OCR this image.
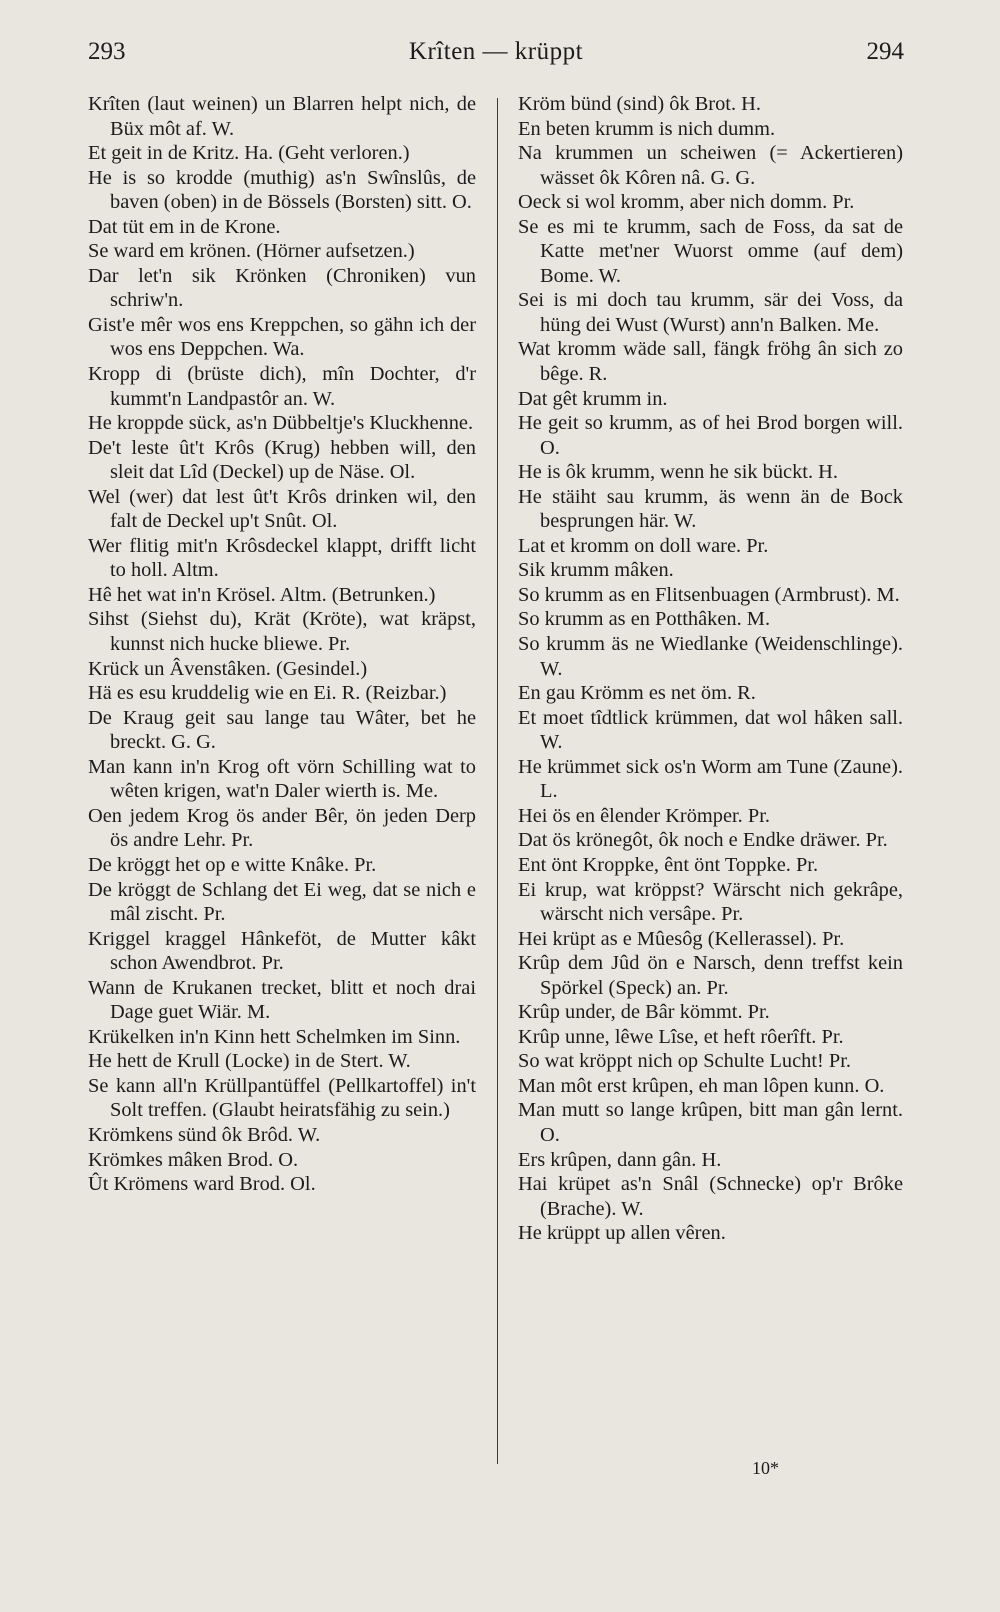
293	Krîten — krüppt	294
Krîten (laut weinen) un Blarren helpt nich, de Büx môt af. W.
Et geit in de Kritz. Ha. (Geht verloren.)
He is so krodde (muthig) as'n Swînslûs, de baven (oben) in de Bössels (Borsten) sitt. O.
Dat tüt em in de Krone.
Se ward em krönen. (Hörner aufsetzen.)
Dar let'n sik Krönken (Chroniken) vun schriw'n.
Gist'e mêr wos ens Kreppchen, so gähn ich der wos ens Deppchen. Wa.
Kropp di (brüste dich), mîn Dochter, d'r kummt'n Landpastôr an. W.
He kroppde sück, as'n Dübbeltje's Kluckhenne.
De't leste ût't Krôs (Krug) hebben will, den sleit dat Lîd (Deckel) up de Näse. Ol.
Wel (wer) dat lest ût't Krôs drinken wil, den falt de Deckel up't Snût. Ol.
Wer flitig mit'n Krôsdeckel klappt, drifft licht to holl. Altm.
Hê het wat in'n Krösel. Altm. (Betrunken.)
Sihst (Siehst du), Krät (Kröte), wat kräpst, kunnst nich hucke bliewe. Pr.
Krück un Âvenstâken. (Gesindel.)
Hä es esu kruddelig wie en Ei. R. (Reizbar.)
De Kraug geit sau lange tau Wâter, bet he breckt. G. G.
Man kann in'n Krog oft vörn Schilling wat to wêten krigen, wat'n Daler wierth is. Me.
Oen jedem Krog ös ander Bêr, ön jeden Derp ös andre Lehr. Pr.
De kröggt het op e witte Knâke. Pr.
De kröggt de Schlang det Ei weg, dat se nich e mâl zischt. Pr.
Kriggel kraggel Hânkeföt, de Mutter kâkt schon Awendbrot. Pr.
Wann de Krukanen trecket, blitt et noch drai Dage guet Wiär. M.
Krükelken in'n Kinn hett Schelmken im Sinn.
He hett de Krull (Locke) in de Stert. W.
Se kann all'n Krüllpantüffel (Pellkartoffel) in't Solt treffen. (Glaubt heiratsfähig zu sein.)
Krömkens sünd ôk Brôd. W.
Krömkes mâken Brod. O.
Ût Krömens ward Brod. Ol.
Kröm bünd (sind) ôk Brot. H.
En beten krumm is nich dumm.
Na krummen un scheiwen (= Ackertieren) wässet ôk Kôren nâ. G. G.
Oeck si wol kromm, aber nich domm. Pr.
Se es mi te krumm, sach de Foss, da sat de Katte met'ner Wuorst omme (auf dem) Bome. W.
Sei is mi doch tau krumm, sär dei Voss, da hüng dei Wust (Wurst) ann'n Balken. Me.
Wat kromm wäde sall, fängk fröhg ân sich zo bêge. R.
Dat gêt krumm in.
He geit so krumm, as of hei Brod borgen will. O.
He is ôk krumm, wenn he sik bückt. H.
He stäiht sau krumm, äs wenn än de Bock besprungen här. W.
Lat et kromm on doll ware. Pr.
Sik krumm mâken.
So krumm as en Flitsenbuagen (Armbrust). M.
So krumm as en Potthâken. M.
So krumm äs ne Wiedlanke (Weidenschlinge). W.
En gau Krömm es net öm. R.
Et moet tîdtlick krümmen, dat wol hâken sall. W.
He krümmet sick os'n Worm am Tune (Zaune). L.
Hei ös en êlender Krömper. Pr.
Dat ös krönegôt, ôk noch e Endke dräwer. Pr.
Ent önt Kroppke, ênt önt Toppke. Pr.
Ei krup, wat kröppst? Wärscht nich gekrâpe, wärscht nich versâpe. Pr.
Hei krüpt as e Mûesôg (Kellerassel). Pr.
Krûp dem Jûd ön e Narsch, denn treffst kein Spörkel (Speck) an. Pr.
Krûp under, de Bâr kömmt. Pr.
Krûp unne, lêwe Lîse, et heft rôerîft. Pr.
So wat kröppt nich op Schulte Lucht! Pr.
Man môt erst krûpen, eh man lôpen kunn. O.
Man mutt so lange krûpen, bitt man gân lernt. O.
Ers krûpen, dann gân. H.
Hai krüpet as'n Snâl (Schnecke) op'r Brôke (Brache). W.
He krüppt up allen vêren.
10*
